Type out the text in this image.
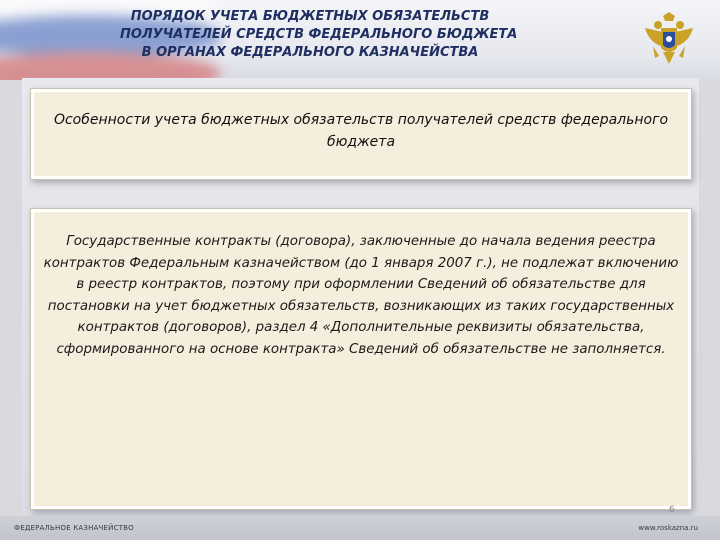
ПОРЯДОК УЧЕТА БЮДЖЕТНЫХ ОБЯЗАТЕЛЬСТВ
ПОЛУЧАТЕЛЕЙ СРЕДСТВ ФЕДЕРАЛЬНОГО БЮДЖЕТА
В ОРГАНАХ ФЕДЕРАЛЬНОГО КАЗНАЧЕЙСТВА
Особенности учета бюджетных обязательств получателей средств федерального бюджета
Государственные контракты (договора), заключенные до начала ведения реестра контрактов Федеральным казначейством (до 1 января 2007 г.), не подлежат включению в реестр контрактов, поэтому при оформлении Сведений об обязательстве для постановки на учет бюджетных обязательств, возникающих из таких государственных контрактов (договоров), раздел 4 «Дополнительные реквизиты обязательства, сформированного на основе контракта» Сведений об обязательстве не заполняется.
6
ФЕДЕРАЛЬНОЕ КАЗНАЧЕЙСТВО	www.roskazna.ru
